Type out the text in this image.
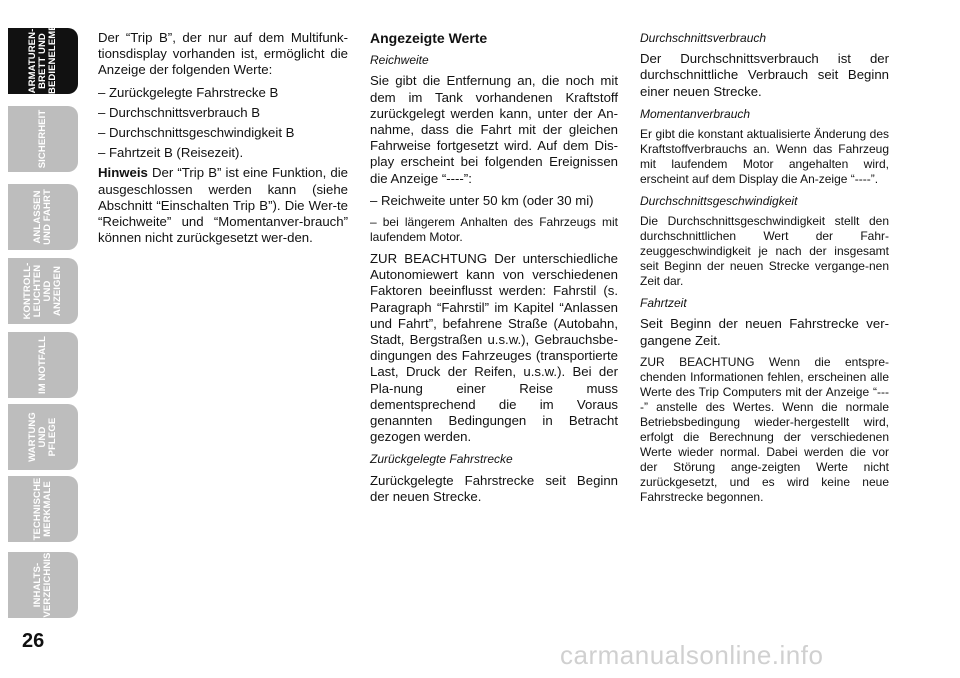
ARMATUREN-
BRETT UND
BEDIENELEMENTE
SICHERHEIT
ANLASSEN
UND FAHRT
KONTROLL-
LEUCHTEN UND
ANZEIGEN
IM NOTFALL
WARTUNG UND
PFLEGE
TECHNISCHE
MERKMALE
INHALTS-
VERZEICHNIS
26

Der “Trip B”, der nur auf dem Multifunk-tionsdisplay vorhanden ist, ermöglicht die Anzeige der folgenden Werte:

– Zurückgelegte Fahrstrecke B

– Durchschnittsverbrauch B

– Durchschnittsgeschwindigkeit B

– Fahrtzeit B (Reisezeit).

Hinweis Der “Trip B” ist eine Funktion, die ausgeschlossen werden kann (siehe Abschnitt “Einschalten Trip B”). Die Wer-te “Reichweite” und “Momentanver-brauch” können nicht zurückgesetzt wer-den.

Angezeigte Werte

Reichweite

Sie gibt die Entfernung an, die noch mit dem im Tank vorhandenen Kraftstoff zurückgelegt werden kann, unter der An-nahme, dass die Fahrt mit der gleichen Fahrweise fortgesetzt wird. Auf dem Dis-play erscheint bei folgenden Ereignissen die Anzeige “----”:

– Reichweite unter 50 km (oder 30 mi)

– bei längerem Anhalten des Fahrzeugs mit laufendem Motor.

ZUR BEACHTUNG Der unterschiedliche Autonomiewert kann von verschiedenen Faktoren beeinflusst werden: Fahrstil (s. Paragraph “Fahrstil” im Kapitel “Anlassen und Fahrt”, befahrene Straße (Autobahn, Stadt, Bergstraßen u.s.w.), Gebrauchsbe-dingungen des Fahrzeuges (transportierte Last, Druck der Reifen, u.s.w.). Bei der Pla-nung einer Reise muss dementsprechend die im Voraus genannten Bedingungen in Betracht gezogen werden.

Zurückgelegte Fahrstrecke

Zurückgelegte Fahrstrecke seit Beginn der neuen Strecke.

Durchschnittsverbrauch

Der Durchschnittsverbrauch ist der durchschnittliche Verbrauch seit Beginn einer neuen Strecke.

Momentanverbrauch

Er gibt die konstant aktualisierte Änderung des Kraftstoffverbrauchs an. Wenn das Fahrzeug mit laufendem Motor angehalten wird, erscheint auf dem Display die An-zeige “----”.

Durchschnittsgeschwindigkeit

Die Durchschnittsgeschwindigkeit stellt den durchschnittlichen Wert der Fahr-zeuggeschwindigkeit je nach der insgesamt seit Beginn der neuen Strecke vergange-nen Zeit dar.

Fahrtzeit

Seit Beginn der neuen Fahrstrecke ver-gangene Zeit.

ZUR BEACHTUNG Wenn die entspre-chenden Informationen fehlen, erscheinen alle Werte des Trip Computers mit der Anzeige “----” anstelle des Wertes. Wenn die normale Betriebsbedingung wieder-hergestellt wird, erfolgt die Berechnung der verschiedenen Werte wieder normal. Dabei werden die vor der Störung ange-zeigten Werte nicht zurückgesetzt, und es wird keine neue Fahrstrecke begonnen.

carmanualsonline.info
